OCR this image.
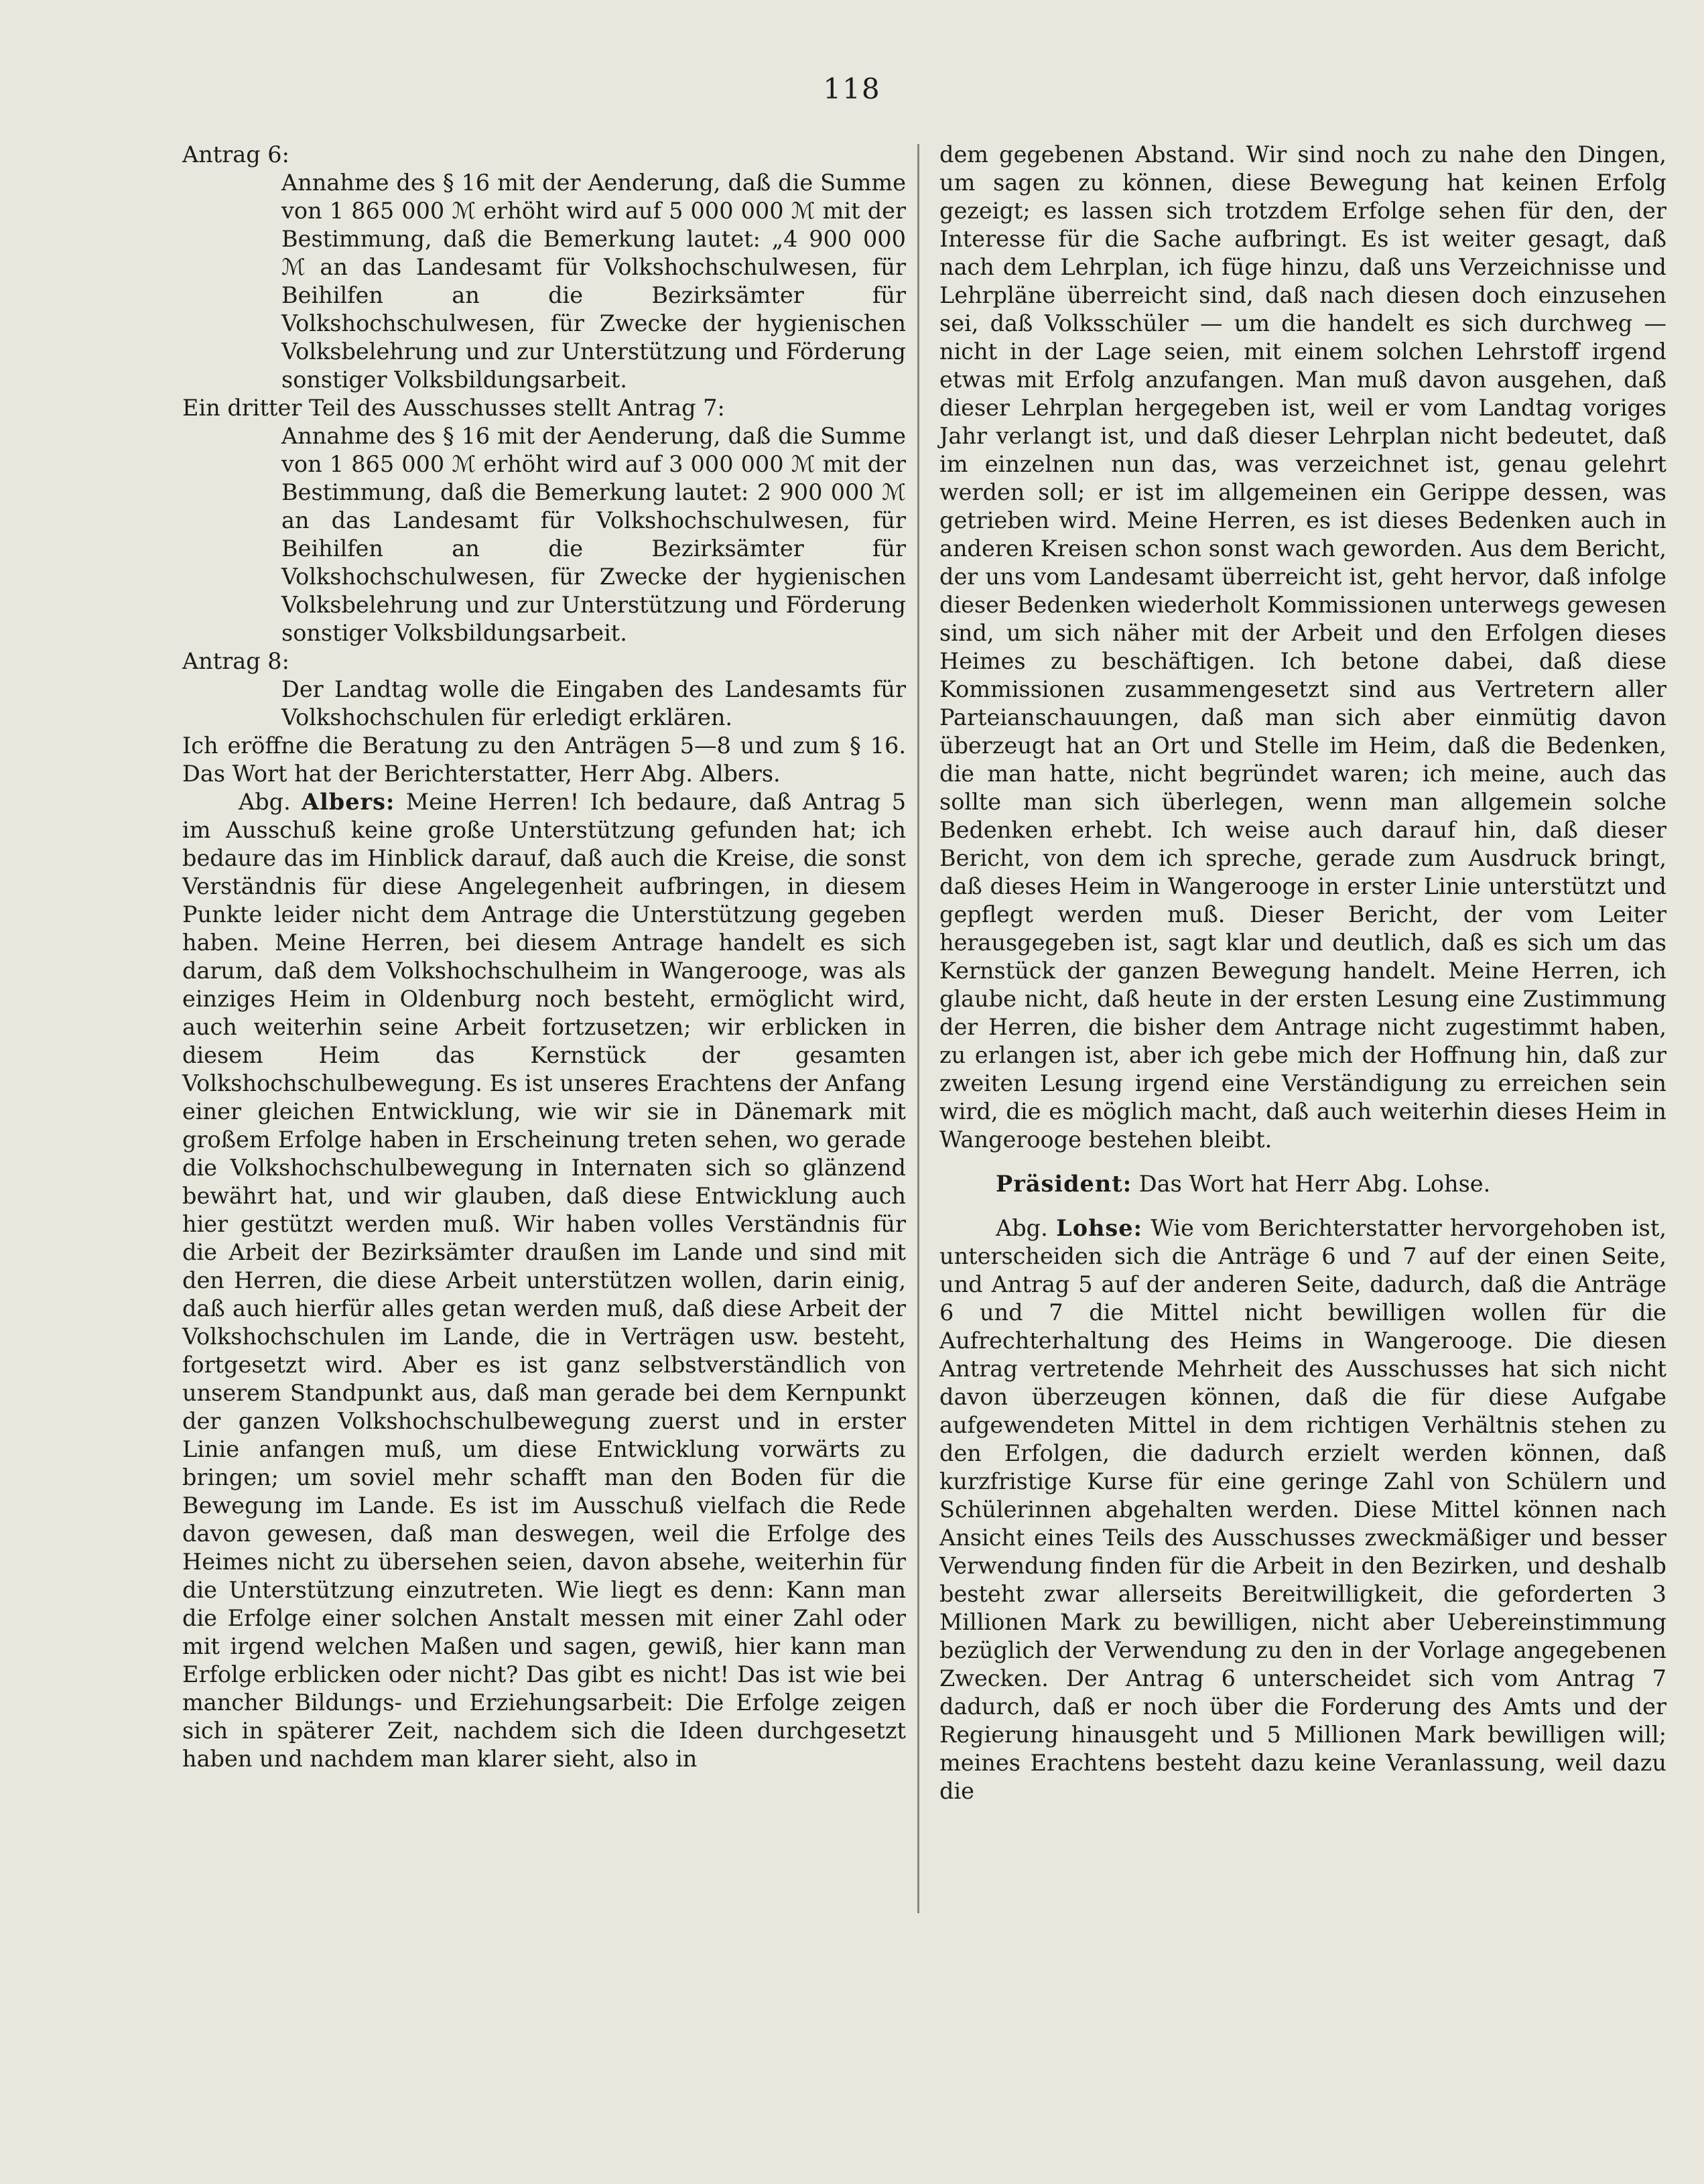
118

Antrag 6:

Annahme des § 16 mit der Aenderung, daß die Summe von 1 865 000 ℳ erhöht wird auf 5 000 000 ℳ mit der Bestimmung, daß die Bemerkung lautet: „4 900 000 ℳ an das Landesamt für Volkshochschulwesen, für Beihilfen an die Bezirksämter für Volkshochschulwesen, für Zwecke der hygienischen Volksbelehrung und zur Unterstützung und Förderung sonstiger Volksbildungsarbeit.

Ein dritter Teil des Ausschusses stellt Antrag 7:

Annahme des § 16 mit der Aenderung, daß die Summe von 1 865 000 ℳ erhöht wird auf 3 000 000 ℳ mit der Bestimmung, daß die Bemerkung lautet: 2 900 000 ℳ an das Landesamt für Volkshochschulwesen, für Beihilfen an die Bezirksämter für Volkshochschulwesen, für Zwecke der hygienischen Volksbelehrung und zur Unterstützung und Förderung sonstiger Volksbildungsarbeit.

Antrag 8:

Der Landtag wolle die Eingaben des Landesamts für Volkshochschulen für erledigt erklären.

Ich eröffne die Beratung zu den Anträgen 5—8 und zum § 16. Das Wort hat der Berichterstatter, Herr Abg. Albers.

Abg. Albers: Meine Herren! Ich bedaure, daß Antrag 5 im Ausschuß keine große Unterstützung gefunden hat; ich bedaure das im Hinblick darauf, daß auch die Kreise, die sonst Verständnis für diese Angelegenheit aufbringen, in diesem Punkte leider nicht dem Antrage die Unterstützung gegeben haben. Meine Herren, bei diesem Antrage handelt es sich darum, daß dem Volkshochschulheim in Wangerooge, was als einziges Heim in Oldenburg noch besteht, ermöglicht wird, auch weiterhin seine Arbeit fortzusetzen; wir erblicken in diesem Heim das Kernstück der gesamten Volkshochschulbewegung. Es ist unseres Erachtens der Anfang einer gleichen Entwicklung, wie wir sie in Dänemark mit großem Erfolge haben in Erscheinung treten sehen, wo gerade die Volkshochschulbewegung in Internaten sich so glänzend bewährt hat, und wir glauben, daß diese Entwicklung auch hier gestützt werden muß. Wir haben volles Verständnis für die Arbeit der Bezirksämter draußen im Lande und sind mit den Herren, die diese Arbeit unterstützen wollen, darin einig, daß auch hierfür alles getan werden muß, daß diese Arbeit der Volkshochschulen im Lande, die in Verträgen usw. besteht, fortgesetzt wird. Aber es ist ganz selbstverständlich von unserem Standpunkt aus, daß man gerade bei dem Kernpunkt der ganzen Volkshochschulbewegung zuerst und in erster Linie anfangen muß, um diese Entwicklung vorwärts zu bringen; um soviel mehr schafft man den Boden für die Bewegung im Lande. Es ist im Ausschuß vielfach die Rede davon gewesen, daß man deswegen, weil die Erfolge des Heimes nicht zu übersehen seien, davon absehe, weiterhin für die Unterstützung einzutreten. Wie liegt es denn: Kann man die Erfolge einer solchen Anstalt messen mit einer Zahl oder mit irgend welchen Maßen und sagen, gewiß, hier kann man Erfolge erblicken oder nicht? Das gibt es nicht! Das ist wie bei mancher Bildungs- und Erziehungsarbeit: Die Erfolge zeigen sich in späterer Zeit, nachdem sich die Ideen durchgesetzt haben und nachdem man klarer sieht, also in

dem gegebenen Abstand. Wir sind noch zu nahe den Dingen, um sagen zu können, diese Bewegung hat keinen Erfolg gezeigt; es lassen sich trotzdem Erfolge sehen für den, der Interesse für die Sache aufbringt. Es ist weiter gesagt, daß nach dem Lehrplan, ich füge hinzu, daß uns Verzeichnisse und Lehrpläne überreicht sind, daß nach diesen doch einzusehen sei, daß Volksschüler — um die handelt es sich durchweg — nicht in der Lage seien, mit einem solchen Lehrstoff irgend etwas mit Erfolg anzufangen. Man muß davon ausgehen, daß dieser Lehrplan hergegeben ist, weil er vom Landtag voriges Jahr verlangt ist, und daß dieser Lehrplan nicht bedeutet, daß im einzelnen nun das, was verzeichnet ist, genau gelehrt werden soll; er ist im allgemeinen ein Gerippe dessen, was getrieben wird. Meine Herren, es ist dieses Bedenken auch in anderen Kreisen schon sonst wach geworden. Aus dem Bericht, der uns vom Landesamt überreicht ist, geht hervor, daß infolge dieser Bedenken wiederholt Kommissionen unterwegs gewesen sind, um sich näher mit der Arbeit und den Erfolgen dieses Heimes zu beschäftigen. Ich betone dabei, daß diese Kommissionen zusammengesetzt sind aus Vertretern aller Parteianschauungen, daß man sich aber einmütig davon überzeugt hat an Ort und Stelle im Heim, daß die Bedenken, die man hatte, nicht begründet waren; ich meine, auch das sollte man sich überlegen, wenn man allgemein solche Bedenken erhebt. Ich weise auch darauf hin, daß dieser Bericht, von dem ich spreche, gerade zum Ausdruck bringt, daß dieses Heim in Wangerooge in erster Linie unterstützt und gepflegt werden muß. Dieser Bericht, der vom Leiter herausgegeben ist, sagt klar und deutlich, daß es sich um das Kernstück der ganzen Bewegung handelt. Meine Herren, ich glaube nicht, daß heute in der ersten Lesung eine Zustimmung der Herren, die bisher dem Antrage nicht zugestimmt haben, zu erlangen ist, aber ich gebe mich der Hoffnung hin, daß zur zweiten Lesung irgend eine Verständigung zu erreichen sein wird, die es möglich macht, daß auch weiterhin dieses Heim in Wangerooge bestehen bleibt.

Präsident: Das Wort hat Herr Abg. Lohse.

Abg. Lohse: Wie vom Berichterstatter hervorgehoben ist, unterscheiden sich die Anträge 6 und 7 auf der einen Seite, und Antrag 5 auf der anderen Seite, dadurch, daß die Anträge 6 und 7 die Mittel nicht bewilligen wollen für die Aufrechterhaltung des Heims in Wangerooge. Die diesen Antrag vertretende Mehrheit des Ausschusses hat sich nicht davon überzeugen können, daß die für diese Aufgabe aufgewendeten Mittel in dem richtigen Verhältnis stehen zu den Erfolgen, die dadurch erzielt werden können, daß kurzfristige Kurse für eine geringe Zahl von Schülern und Schülerinnen abgehalten werden. Diese Mittel können nach Ansicht eines Teils des Ausschusses zweckmäßiger und besser Verwendung finden für die Arbeit in den Bezirken, und deshalb besteht zwar allerseits Bereitwilligkeit, die geforderten 3 Millionen Mark zu bewilligen, nicht aber Uebereinstimmung bezüglich der Verwendung zu den in der Vorlage angegebenen Zwecken. Der Antrag 6 unterscheidet sich vom Antrag 7 dadurch, daß er noch über die Forderung des Amts und der Regierung hinausgeht und 5 Millionen Mark bewilligen will; meines Erachtens besteht dazu keine Veranlassung, weil dazu die
